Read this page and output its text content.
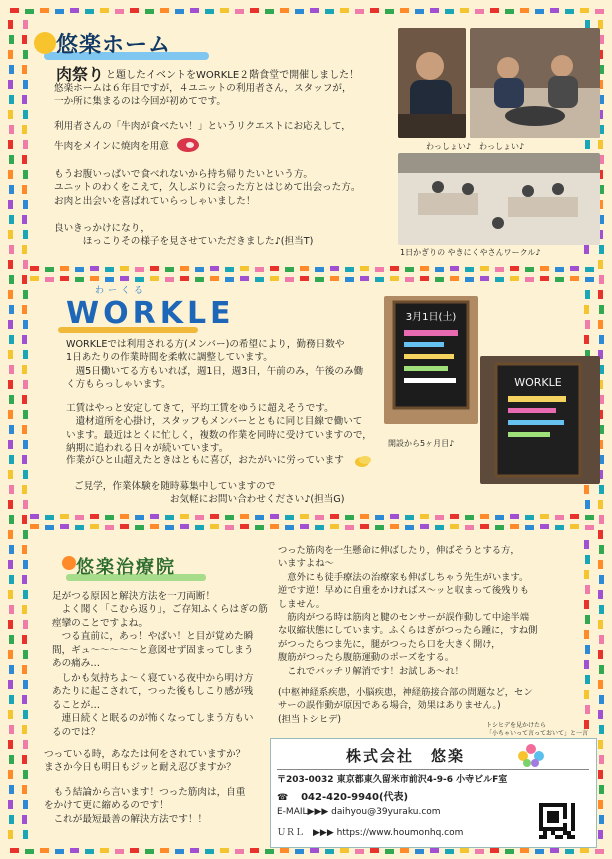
悠楽ホーム
肉祭り と題したイベントをWORKLE２階食堂で開催しました！
悠楽ホームは６年目ですが，４ユニットの利用者さん，スタッフが，
一か所に集まるのは今回が初めてです。
利用者さんの「牛肉が食べたい！」というリクエストにお応えして，
牛肉をメインに焼肉を用意
もうお腹いっぱいで食べれないから持ち帰りたいという方。
ユニットのわくをこえて，久しぶりに会った方とはじめて出会った方。
お肉と出会いを喜ばれていらっしゃいました！
良いきっかけになり，
　　　ほっこりその様子を見させていただきました♪(担当T)
わっしょい♪　わっしょい♪
1日かぎりの やきにくやさんワークル♪
わーくる
WORKLE
WORKLEでは利用される方(メンバー)の希望により，勤務日数や
1日あたりの作業時間を柔軟に調整しています。
　週5日働いてる方もいれば，週1日，週3日，午前のみ，午後のみ働
く方もらっしゃいます。
工賃はやっと安定してきて，平均工賃をゆうに超えそうです。
　遺材道所を心掛け，スタッフもメンバーとともに同じ目線で働いて
います。最近はとくに忙しく，複数の作業を同時に受けていますので，
納期に追われる日々が続いています。
作業がひと山超えたときはともに喜び，おたがいに労っています
ご見学，作業体験を随時募集中していますので
　　　　　　　　　　お気軽にお問い合わせください♪(担当G)
3月1日(土)
WORKLE
開設から5ヶ月目♪
悠楽治療院
足がつる原因と解決方法を一刀両断！
　よく聞く「こむら返り」，ご存知ふくらはぎの筋
痙攣のことですよね。
　つる直前に，あっ！やばい！と目が覚めた瞬
間，ギュ～～～～～と意図せず固まってしまう
あの痛み…
　しかも気持ちよ～く寝ている夜中から明け方
あたりに起こされて，つった後もしこり感が残
ることが…
　連日続くと眠るのが怖くなってしまう方もい
るのでは？
つっている時，あなたは何をされていますか？
まさか今日も明日もジッと耐え忍びますか？
　もう結論から言います！つった筋肉は，自重
をかけて更に縮めるのです！
　これが最短最善の解決方法です！！
つった筋肉を一生懸命に伸ばしたり，伸ばそうとする方，
いますよね～
　意外にも徒手療法の治療家も伸ばしちゃう先生がいます。
逆です逆！早めに自重をかければス～ッと収まって後残りも
しません。
　筋肉がつる時は筋肉と腱のセンサーが誤作動して中途半端
な収縮状態にしています。ふくらはぎがつったら踵に，すね側
がつったらつま先に，腿がつったら口を大きく開け，
腹筋がつったら腹筋運動のポーズをする。
　これでバッチリ解消です！お試しあ～れ！
(中枢神経系疾患，小脳疾患，神経筋接合部の問題など，セン
サーの誤作動が原因である場合，効果はありません。)
(担当トシヒデ)
トシヒデを見かけたら
「小ちゃいって言っておいて」と一言
株式会社　悠楽
〒203-0032 東京都東久留米市前沢4-9-6 小寺ビルF室
☎ 042-420-9940(代表)
E-MAIL▶▶▶ daihyou@39yuraku.com
ＵＲＬ　▶▶▶ https://www.houmonhq.com
